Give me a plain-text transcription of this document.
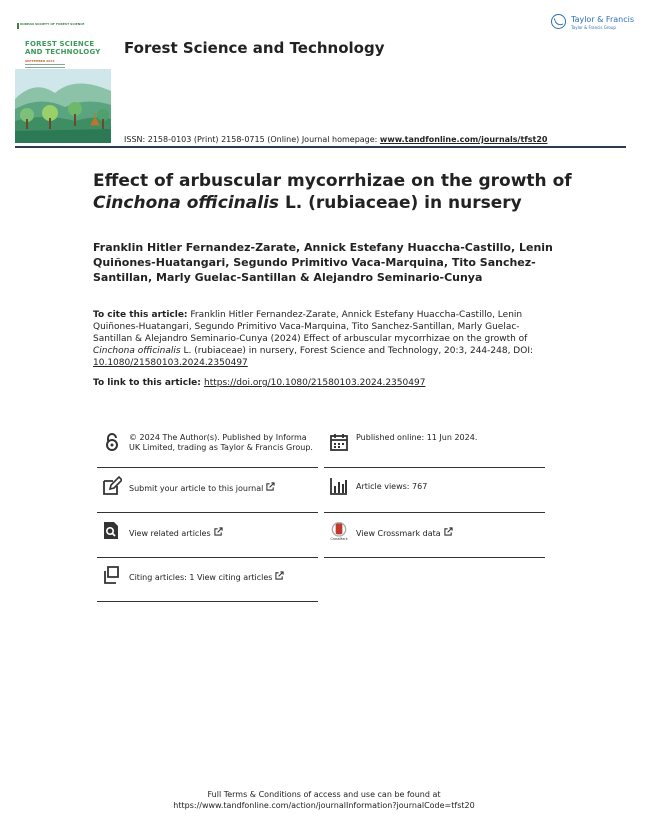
KOREAN SOCIETY OF FOREST SCIENCE
FOREST SCIENCE
AND TECHNOLOGY
SEPTEMBER 2024
Forest Science and Technology
Taylor & Francis
Taylor & Francis Group
ISSN: 2158-0103 (Print) 2158-0715 (Online) Journal homepage: www.tandfonline.com/journals/tfst20
Effect of arbuscular mycorrhizae on the growth of Cinchona officinalis L. (rubiaceae) in nursery
Franklin Hitler Fernandez-Zarate, Annick Estefany Huaccha-Castillo, Lenin Quiñones-Huatangari, Segundo Primitivo Vaca-Marquina, Tito Sanchez-Santillan, Marly Guelac-Santillan & Alejandro Seminario-Cunya
To cite this article: Franklin Hitler Fernandez-Zarate, Annick Estefany Huaccha-Castillo, Lenin Quiñones-Huatangari, Segundo Primitivo Vaca-Marquina, Tito Sanchez-Santillan, Marly Guelac-Santillan & Alejandro Seminario-Cunya (2024) Effect of arbuscular mycorrhizae on the growth of Cinchona officinalis L. (rubiaceae) in nursery, Forest Science and Technology, 20:3, 244-248, DOI: 10.1080/21580103.2024.2350497
To link to this article: https://doi.org/10.1080/21580103.2024.2350497
© 2024 The Author(s). Published by Informa UK Limited, trading as Taylor & Francis Group.
Published online: 11 Jun 2024.
Submit your article to this journal	Article views: 767
View related articles
CrossMark
View Crossmark data
Citing articles: 1 View citing articles
Full Terms & Conditions of access and use can be found at
https://www.tandfonline.com/action/journalInformation?journalCode=tfst20
